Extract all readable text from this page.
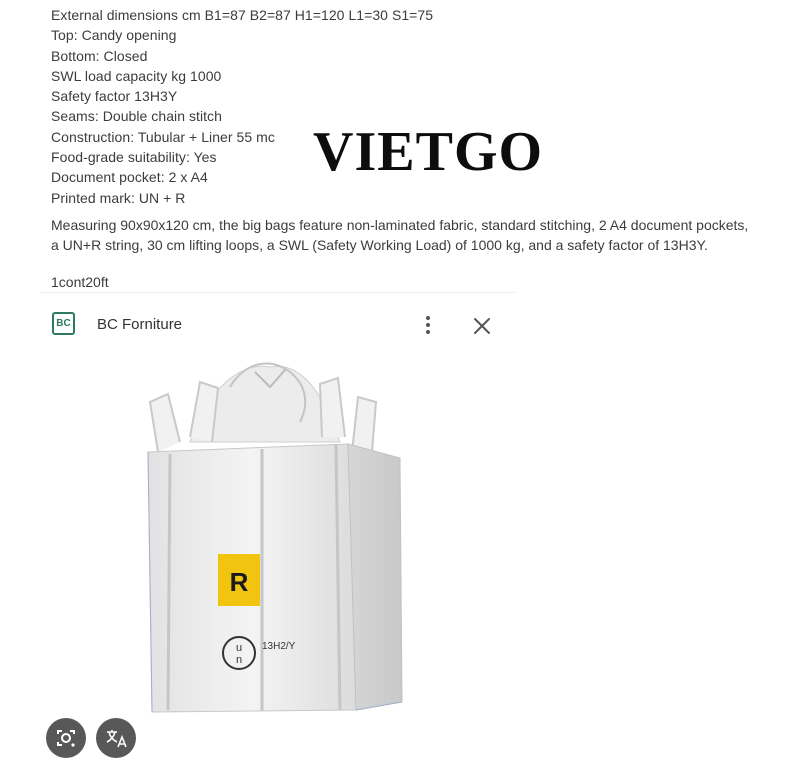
External dimensions cm B1=87 B2=87 H1=120 L1=30 S1=75
Top: Candy opening
Bottom: Closed
SWL load capacity kg 1000
Safety factor 13H3Y
Seams: Double chain stitch
Construction: Tubular + Liner 55 mc
Food-grade suitability: Yes
Document pocket: 2 x A4
Printed mark: UN + R
Measuring 90x90x120 cm, the big bags feature non-laminated fabric, standard stitching, 2 A4 document pockets, a UN+R string, 30 cm lifting loops, a SWL (Safety Working Load) of 1000 kg, and a safety factor of 13H3Y.
1cont20ft
VIETGO
BC BC Forniture
R
u
n
13H2/Y
